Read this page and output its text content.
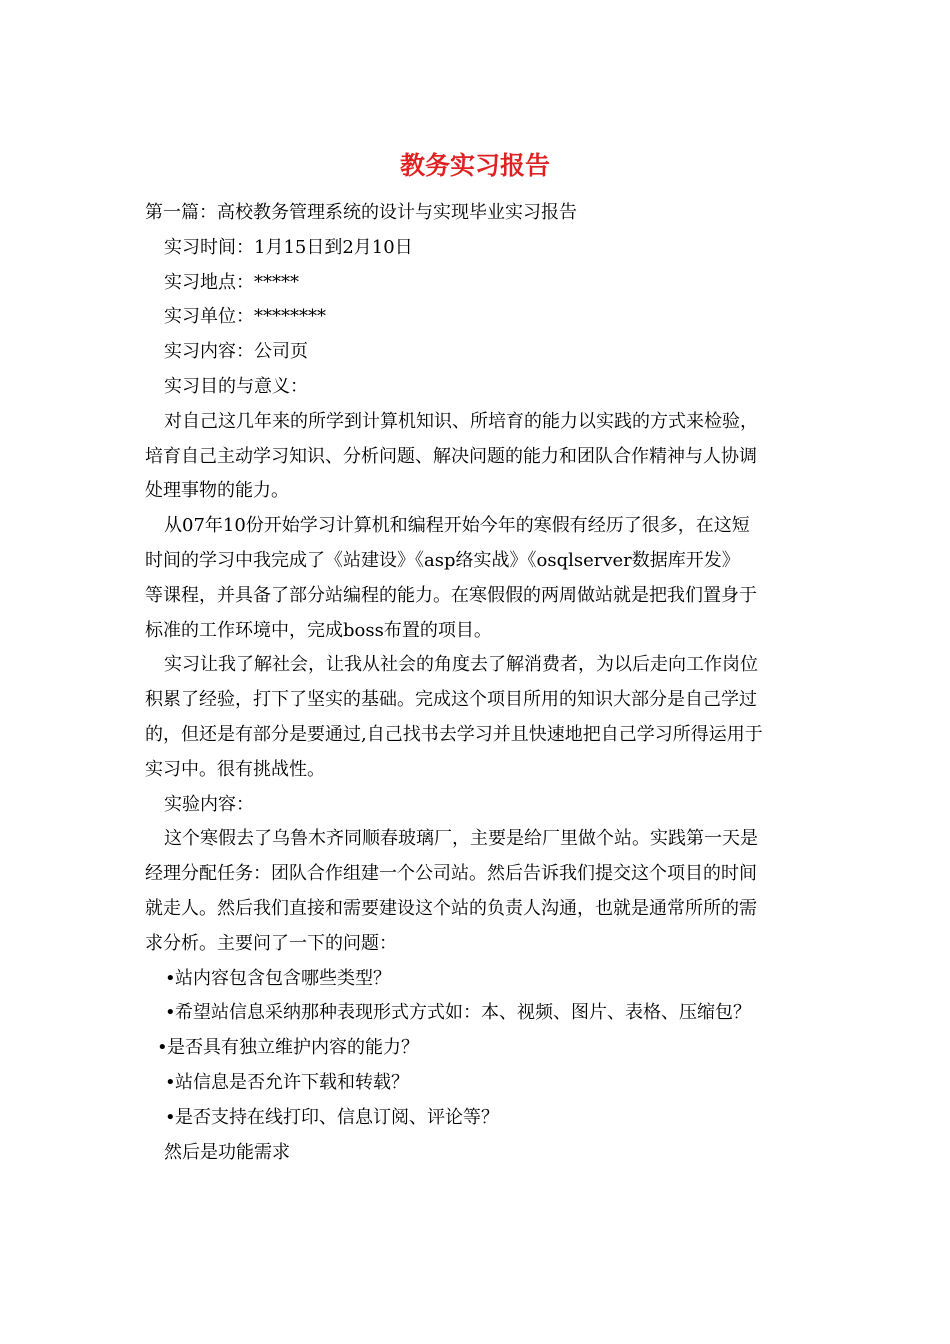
教务实习报告
第一篇：高校教务管理系统的设计与实现毕业实习报告
实习时间：1月15日到2月10日
实习地点：*****
实习单位：********
实习内容：公司页
实习目的与意义：
对自己这几年来的所学到计算机知识、所培育的能力以实践的方式来检验，
培育自己主动学习知识、分析问题、解决问题的能力和团队合作精神与人协调
处理事物的能力。
从07年10份开始学习计算机和编程开始今年的寒假有经历了很多，在这短
时间的学习中我完成了《站建设》《asp络实战》《osqlserver数据库开发》
等课程，并具备了部分站编程的能力。在寒假假的两周做站就是把我们置身于
标准的工作环境中，完成boss布置的项目。
实习让我了解社会，让我从社会的角度去了解消费者，为以后走向工作岗位
积累了经验，打下了坚实的基础。完成这个项目所用的知识大部分是自己学过
的，但还是有部分是要通过,自己找书去学习并且快速地把自己学习所得运用于
实习中。很有挑战性。
实验内容：
这个寒假去了乌鲁木齐同顺春玻璃厂，主要是给厂里做个站。实践第一天是
经理分配任务：团队合作组建一个公司站。然后告诉我们提交这个项目的时间
就走人。然后我们直接和需要建设这个站的负责人沟通，也就是通常所所的需
求分析。主要问了一下的问题：
•站内容包含包含哪些类型？
•希望站信息采纳那种表现形式方式如：本、视频、图片、表格、压缩包？
•是否具有独立维护内容的能力？
•站信息是否允许下载和转载？
•是否支持在线打印、信息订阅、评论等？
然后是功能需求
